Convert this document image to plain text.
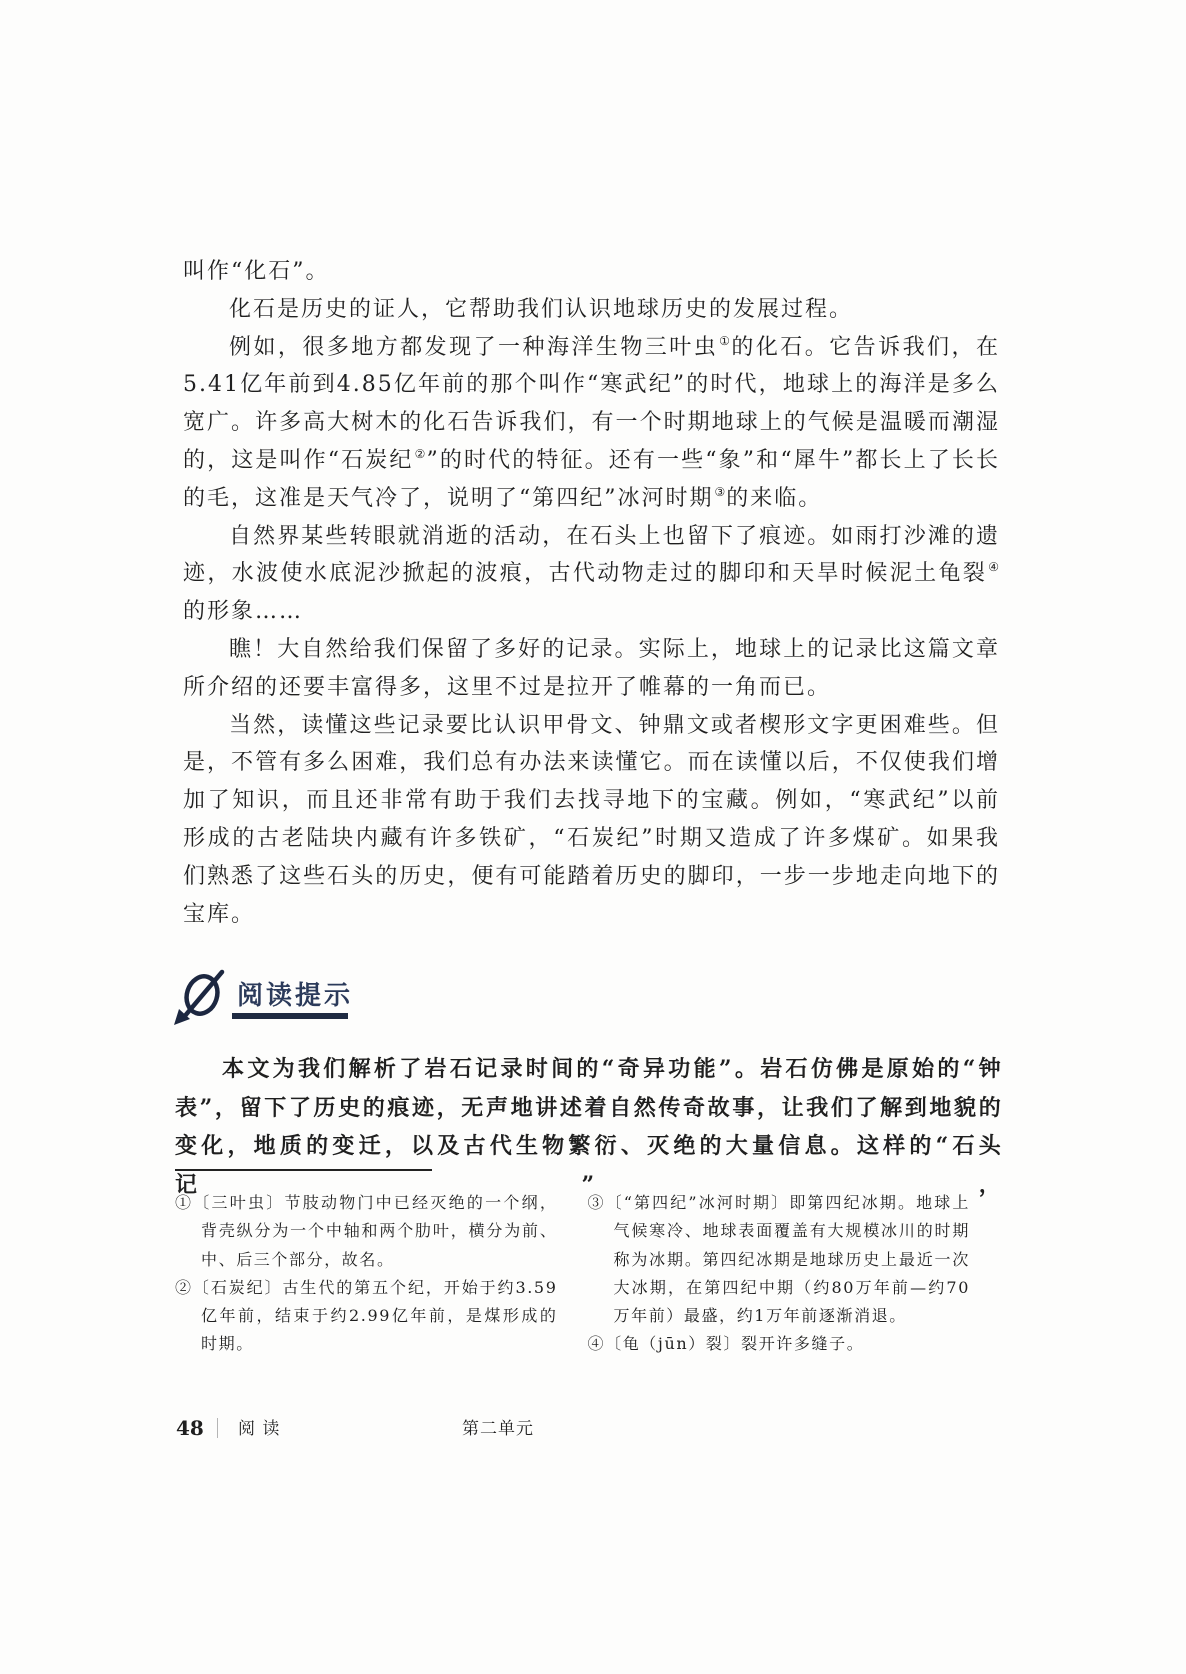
叫作“化石”。

化石是历史的证人，它帮助我们认识地球历史的发展过程。

例如，很多地方都发现了一种海洋生物三叶虫①的化石。它告诉我们，在5.41亿年前到4.85亿年前的那个叫作“寒武纪”的时代，地球上的海洋是多么宽广。许多高大树木的化石告诉我们，有一个时期地球上的气候是温暖而潮湿的，这是叫作“石炭纪②”的时代的特征。还有一些“象”和“犀牛”都长上了长长的毛，这准是天气冷了，说明了“第四纪”冰河时期③的来临。

自然界某些转眼就消逝的活动，在石头上也留下了痕迹。如雨打沙滩的遗迹，水波使水底泥沙掀起的波痕，古代动物走过的脚印和天旱时候泥土龟裂④的形象……

瞧！大自然给我们保留了多好的记录。实际上，地球上的记录比这篇文章所介绍的还要丰富得多，这里不过是拉开了帷幕的一角而已。

当然，读懂这些记录要比认识甲骨文、钟鼎文或者楔形文字更困难些。但是，不管有多么困难，我们总有办法来读懂它。而在读懂以后，不仅使我们增加了知识，而且还非常有助于我们去找寻地下的宝藏。例如，“寒武纪”以前形成的古老陆块内藏有许多铁矿，“石炭纪”时期又造成了许多煤矿。如果我们熟悉了这些石头的历史，便有可能踏着历史的脚印，一步一步地走向地下的宝库。

阅读提示

本文为我们解析了岩石记录时间的“奇异功能”。岩石仿佛是原始的“钟表”，留下了历史的痕迹，无声地讲述着自然传奇故事，让我们了解到地貌的变化，地质的变迁，以及古代生物繁衍、灭绝的大量信息。这样的“石头记”，

①〔三叶虫〕节肢动物门中已经灭绝的一个纲，背壳纵分为一个中轴和两个肋叶，横分为前、中、后三个部分，故名。

②〔石炭纪〕古生代的第五个纪，开始于约3.59亿年前，结束于约2.99亿年前，是煤形成的时期。

③〔“第四纪”冰河时期〕即第四纪冰期。地球上气候寒冷、地球表面覆盖有大规模冰川的时期称为冰期。第四纪冰期是地球历史上最近一次大冰期，在第四纪中期（约80万年前—约70万年前）最盛，约1万年前逐渐消退。

④〔龟（jūn）裂〕裂开许多缝子。

48 阅 读	第二单元
